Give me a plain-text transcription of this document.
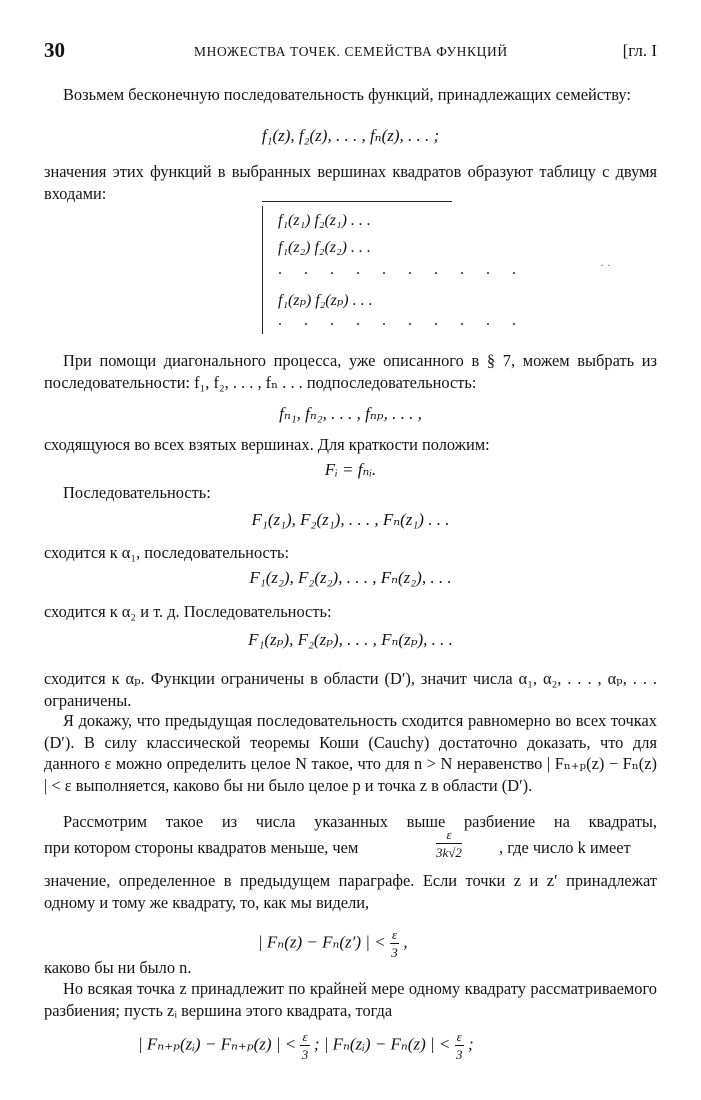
30	МНОЖЕСТВА ТОЧЕК. СЕМЕЙСТВА ФУНКЦИЙ	[гл. I

Возьмем бесконечную последовательность функций, принадлежащих семейству:

f₁(z), f₂(z), . . . , fₙ(z), . . . ;

значения этих функций в выбранных вершинах квадратов образуют таблицу с двумя входами:

f₁(z₁) f₂(z₁) . . .
f₁(z₂) f₂(z₂) . . .
. . . . . . . . . .
f₁(zₚ) f₂(zₚ) . . .
. . . . . . . . . .
· ·

При помощи диагонального процесса, уже описанного в § 7, можем выбрать из последовательности: f₁, f₂, . . . , fₙ . . . подпоследовательность:

fₙ₁, fₙ₂, . . . , fₙₚ, . . . ,

сходящуюся во всех взятых вершинах. Для краткости положим:

Fᵢ = fₙᵢ.

Последовательность:

F₁(z₁), F₂(z₁), . . . , Fₙ(z₁) . . .

сходится к α₁, последовательность:

F₁(z₂), F₂(z₂), . . . , Fₙ(z₂), . . .

сходится к α₂ и т. д. Последовательность:

F₁(zₚ), F₂(zₚ), . . . , Fₙ(zₚ), . . .

сходится к αₚ. Функции ограничены в области (D′), значит числа α₁, α₂, . . . , αₚ, . . . ограничены.

Я докажу, что предыдущая последовательность сходится равномерно во всех точках (D′). В силу классической теоремы Коши (Cauchy) достаточно доказать, что для данного ε можно определить целое N такое, что для n > N неравенство | Fₙ₊ₚ(z) − Fₙ(z) | < ε выполняется, каково бы ни было целое p и точка z в области (D′).

Рассмотрим такое из числа указанных выше разбиение на квадраты,

при котором стороны квадратов меньше, чем	$\frac{\varepsilon}{3k√2}$ , где число k имеет

значение, определенное в предыдущем параграфе. Если точки z и z′ принадлежат одному и тому же квадрату, то, как мы видели,

| Fₙ(z) − Fₙ(z′) | < $\frac{\varepsilon}{3}$ ,

каково бы ни было n.

Но всякая точка z принадлежит по крайней мере одному квадрату рассматриваемого разбиения; пусть zᵢ вершина этого квадрата, тогда

| Fₙ₊ₚ(zᵢ) − Fₙ₊ₚ(z) | < $\frac{\varepsilon}{3}$ ; | Fₙ(zᵢ) − Fₙ(z) | < $\frac{\varepsilon}{3}$ ;
